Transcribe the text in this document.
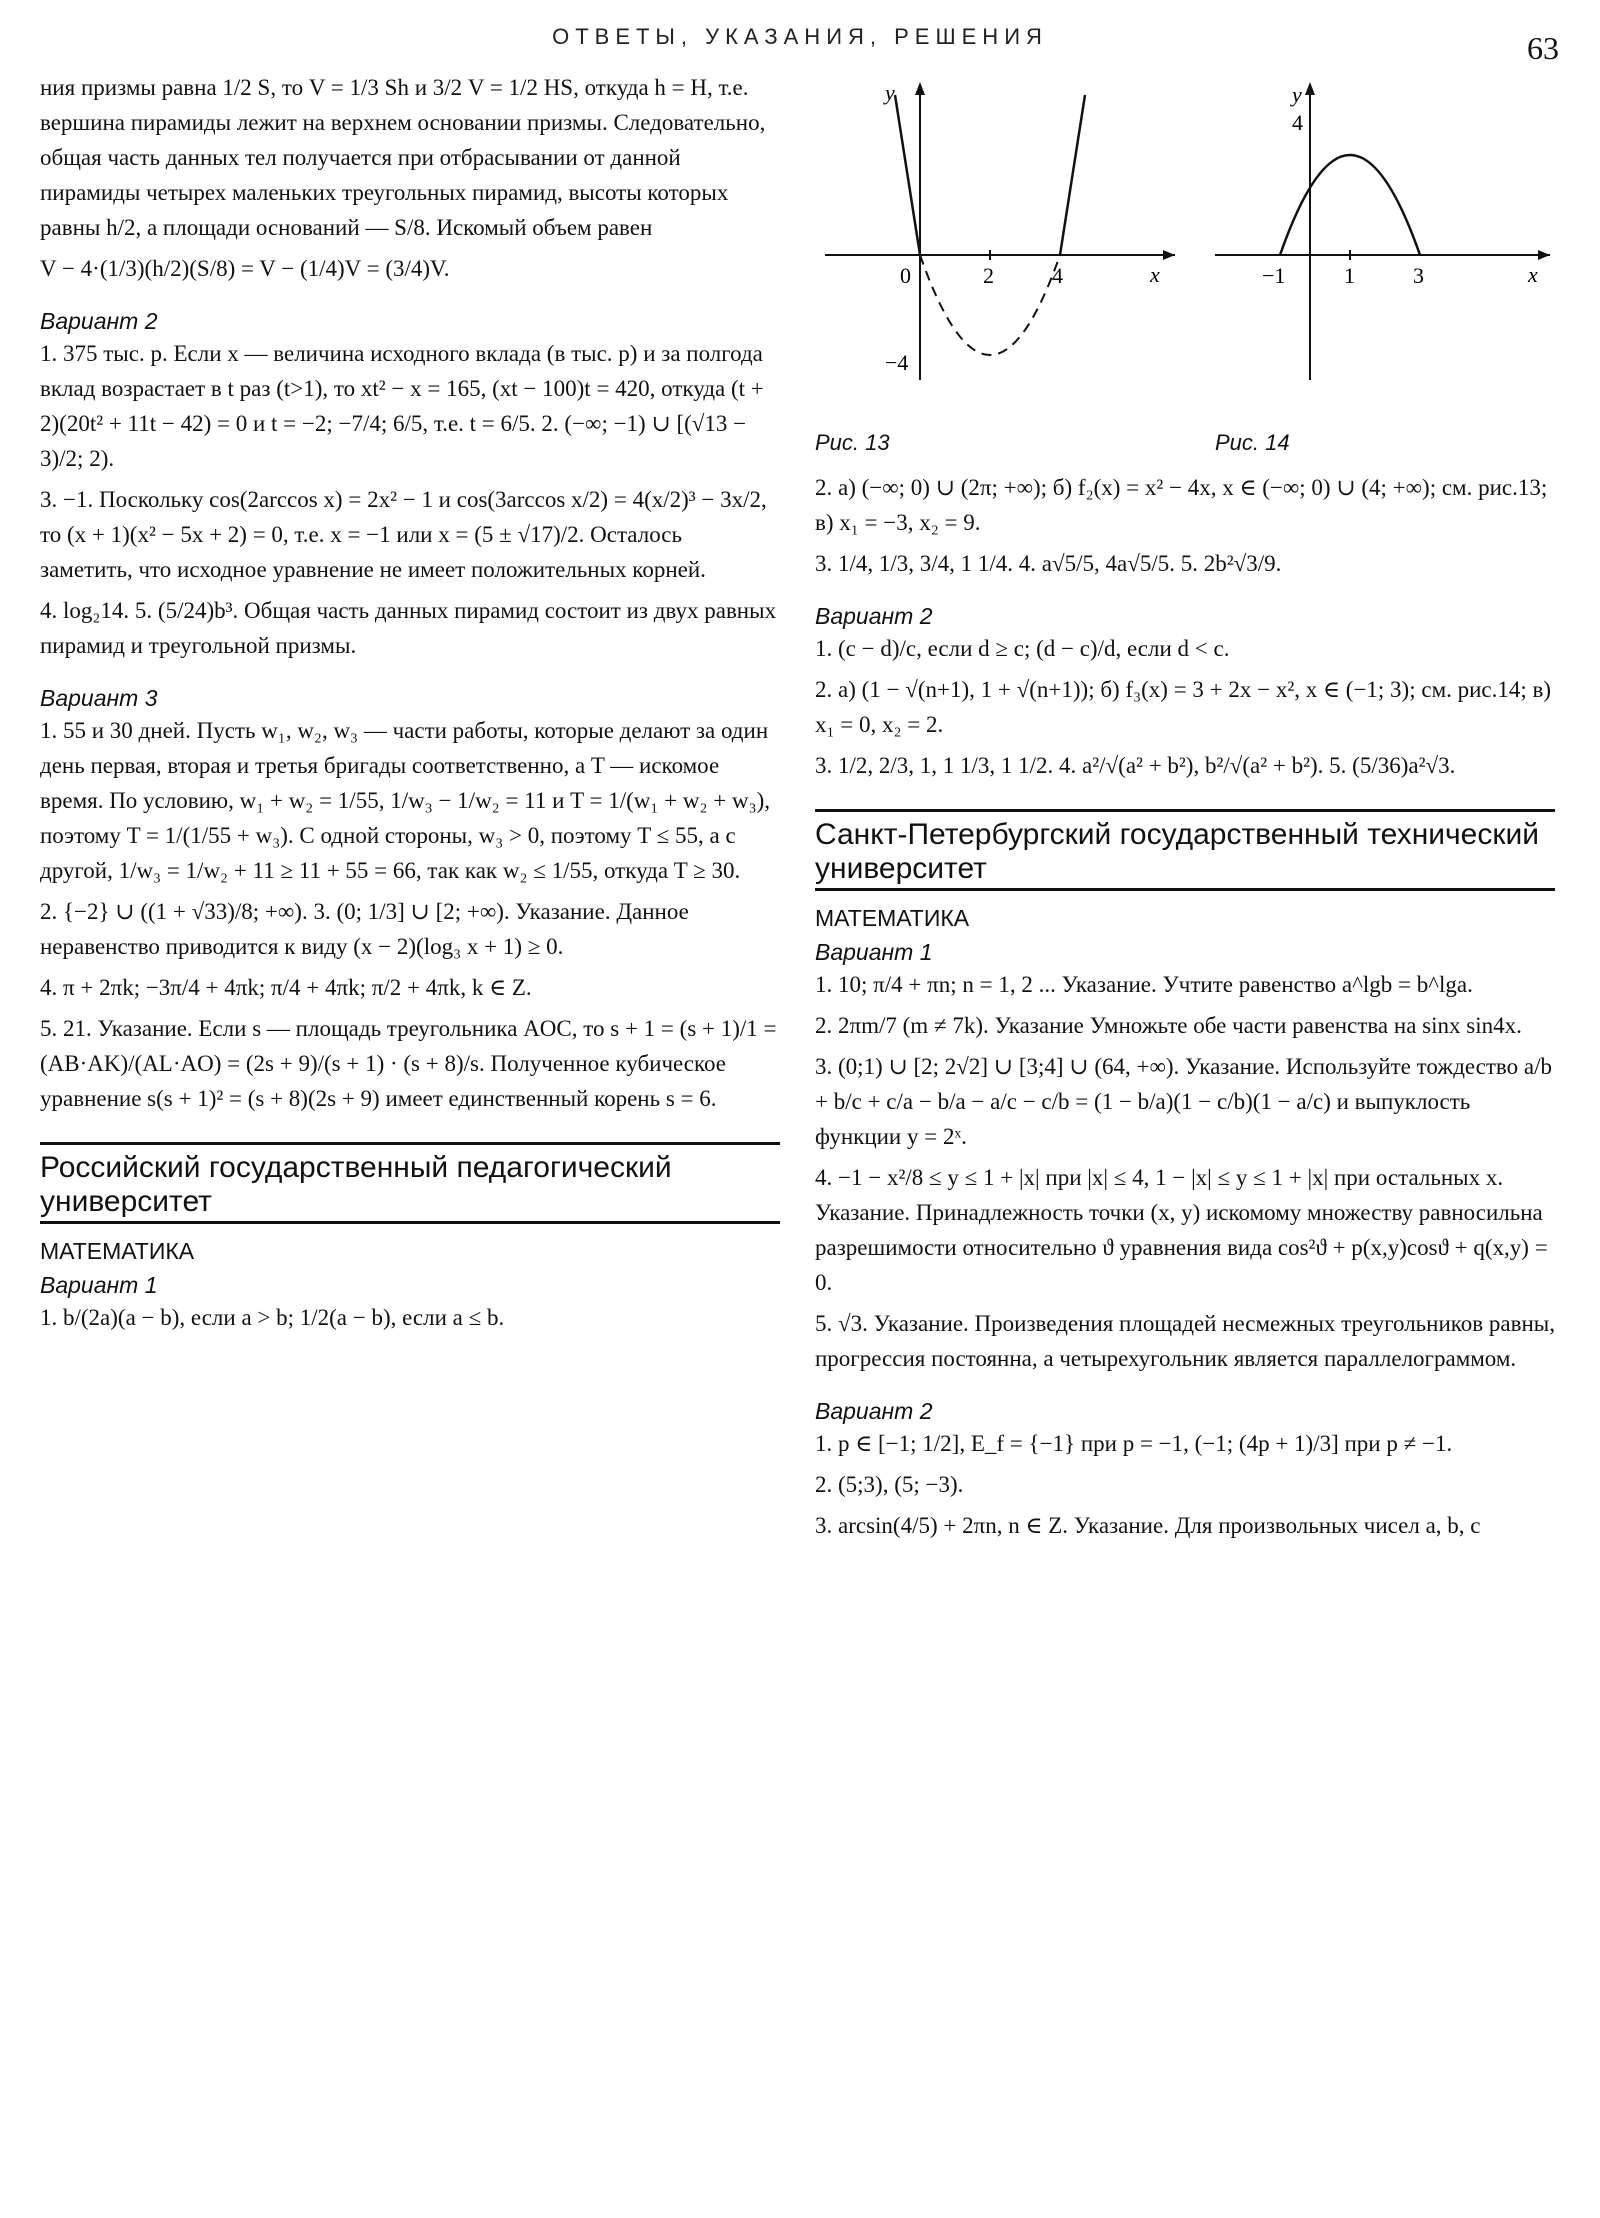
ОТВЕТЫ, УКАЗАНИЯ, РЕШЕНИЯ	63

ния призмы равна 1/2 S, то V = 1/3 Sh и 3/2 V = 1/2 HS, откуда h = H, т.е. вершина пирамиды лежит на верхнем основании призмы. Следовательно, общая часть данных тел получается при отбрасывании от данной пирамиды четырех маленьких треугольных пирамид, высоты которых равны h/2, а площади оснований — S/8. Искомый объем равен

V − 4·(1/3)(h/2)(S/8) = V − (1/4)V = (3/4)V.

Вариант 2

1. 375 тыс. р. Если x — величина исходного вклада (в тыс. р) и за полгода вклад возрастает в t раз (t>1), то xt² − x = 165, (xt − 100)t = 420, откуда (t + 2)(20t² + 11t − 42) = 0 и t = −2; −7/4; 6/5, т.е. t = 6/5. 2. (−∞; −1) ∪ [(√13 − 3)/2; 2).

3. −1. Поскольку cos(2arccos x) = 2x² − 1 и cos(3arccos x/2) = 4(x/2)³ − 3x/2, то (x + 1)(x² − 5x + 2) = 0, т.е. x = −1 или x = (5 ± √17)/2. Осталось заметить, что исходное уравнение не имеет положительных корней.

4. log₂14. 5. (5/24)b³. Общая часть данных пирамид состоит из двух равных пирамид и треугольной призмы.

Вариант 3

1. 55 и 30 дней. Пусть w₁, w₂, w₃ — части работы, которые делают за один день первая, вторая и третья бригады соответственно, а T — искомое время. По условию, w₁ + w₂ = 1/55, 1/w₃ − 1/w₂ = 11 и T = 1/(w₁ + w₂ + w₃), поэтому T = 1/(1/55 + w₃). С одной стороны, w₃ > 0, поэтому T ≤ 55, а с другой, 1/w₃ = 1/w₂ + 11 ≥ 11 + 55 = 66, так как w₂ ≤ 1/55, откуда T ≥ 30.

2. {−2} ∪ ((1 + √33)/8; +∞). 3. (0; 1/3] ∪ [2; +∞). Указание. Данное неравенство приводится к виду (x − 2)(log₃ x + 1) ≥ 0.

4. π + 2πk; −3π/4 + 4πk; π/4 + 4πk; π/2 + 4πk, k ∈ Z.

5. 21. Указание. Если s — площадь треугольника AOC, то s + 1 = (s + 1)/1 = (AB·AK)/(AL·AO) = (2s + 9)/(s + 1) · (s + 8)/s. Полученное кубическое уравнение s(s + 1)² = (s + 8)(2s + 9) имеет единственный корень s = 6.

Российский государственный педагогический университет
МАТЕМАТИКА
Вариант 1

1. b/(2a)(a − b), если a > b; 1/2(a − b), если a ≤ b.

y
x
0	2	4
−4
Рис. 13
y
x
4
−1	1	3
Рис. 14

2. а) (−∞; 0) ∪ (2π; +∞); б) f₂(x) = x² − 4x, x ∈ (−∞; 0) ∪ (4; +∞); см. рис.13; в) x₁ = −3, x₂ = 9.

3. 1/4, 1/3, 3/4, 1 1/4. 4. a√5/5, 4a√5/5. 5. 2b²√3/9.

Вариант 2

1. (c − d)/c, если d ≥ c; (d − c)/d, если d < c.

2. а) (1 − √(n+1), 1 + √(n+1)); б) f₃(x) = 3 + 2x − x², x ∈ (−1; 3); см. рис.14; в) x₁ = 0, x₂ = 2.

3. 1/2, 2/3, 1, 1 1/3, 1 1/2. 4. a²/√(a² + b²), b²/√(a² + b²). 5. (5/36)a²√3.

Санкт-Петербургский государственный технический университет
МАТЕМАТИКА
Вариант 1

1. 10; π/4 + πn; n = 1, 2 ... Указание. Учтите равенство a^lgb = b^lga.

2. 2πm/7 (m ≠ 7k). Указание Умножьте обе части равенства на sinx sin4x.

3. (0;1) ∪ [2; 2√2] ∪ [3;4] ∪ (64, +∞). Указание. Используйте тождество a/b + b/c + c/a − b/a − a/c − c/b = (1 − b/a)(1 − c/b)(1 − a/c) и выпуклость функции y = 2ˣ.

4. −1 − x²/8 ≤ y ≤ 1 + |x| при |x| ≤ 4, 1 − |x| ≤ y ≤ 1 + |x| при остальных x. Указание. Принадлежность точки (x, y) искомому множеству равносильна разрешимости относительно ϑ уравнения вида cos²ϑ + p(x,y)cosϑ + q(x,y) = 0.

5. √3. Указание. Произведения площадей несмежных треугольников равны, прогрессия постоянна, а четырехугольник является параллелограммом.

Вариант 2

1. p ∈ [−1; 1/2], E_f = {−1} при p = −1, (−1; (4p + 1)/3] при p ≠ −1.

2. (5;3), (5; −3).

3. arcsin(4/5) + 2πn, n ∈ Z. Указание. Для произвольных чисел a, b, c
